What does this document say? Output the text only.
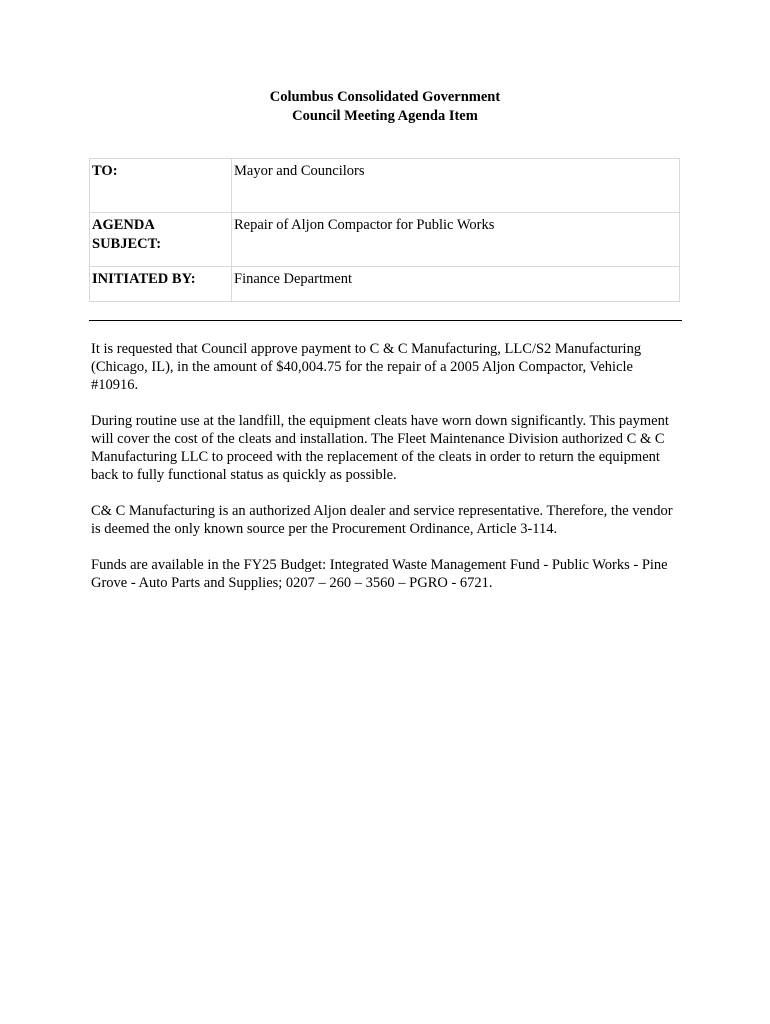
Columbus Consolidated Government
Council Meeting Agenda Item
TO:	Mayor and Councilors
AGENDA
SUBJECT:	Repair of Aljon Compactor for Public Works
INITIATED BY:	Finance Department

It is requested that Council approve payment to C & C Manufacturing, LLC/S2 Manufacturing (Chicago, IL), in the amount of $40,004.75 for the repair of a 2005 Aljon Compactor, Vehicle #10916.

During routine use at the landfill, the equipment cleats have worn down significantly. This payment will cover the cost of the cleats and installation. The Fleet Maintenance Division authorized C & C Manufacturing LLC to proceed with the replacement of the cleats in order to return the equipment back to fully functional status as quickly as possible.

C& C Manufacturing is an authorized Aljon dealer and service representative. Therefore, the vendor is deemed the only known source per the Procurement Ordinance, Article 3-114.

Funds are available in the FY25 Budget: Integrated Waste Management Fund - Public Works - Pine Grove - Auto Parts and Supplies; 0207 – 260 – 3560 – PGRO - 6721.
